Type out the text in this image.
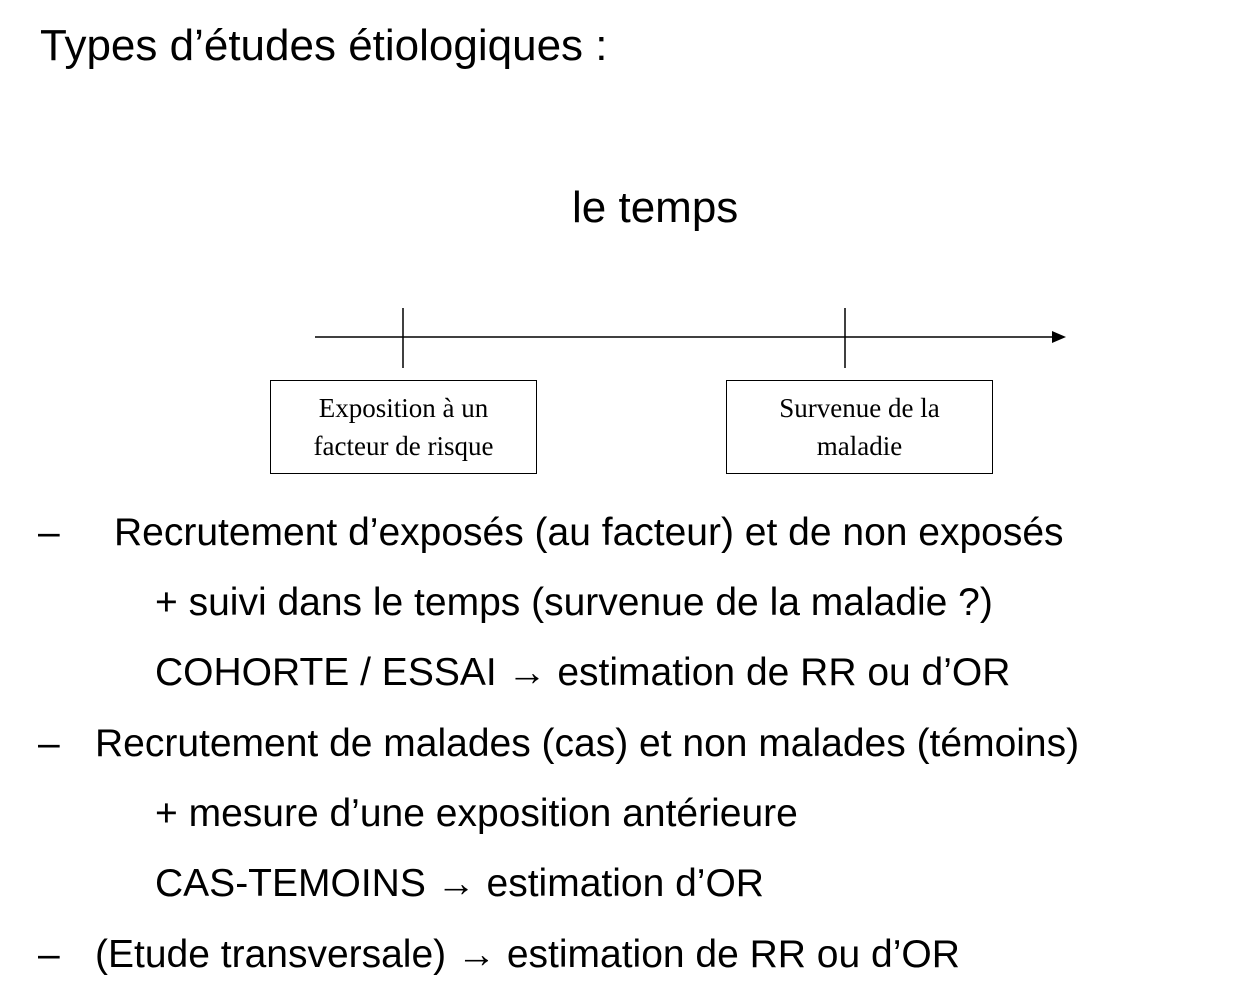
Types d’études étiologiques :
le temps
Exposition à un
facteur de risque
Survenue de la
maladie
– Recrutement d’exposés (au facteur) et de non exposés
+ suivi dans le temps (survenue de la maladie ?)
COHORTE / ESSAI → estimation de RR ou d’OR
– Recrutement de malades (cas) et non malades (témoins)
+ mesure d’une exposition antérieure
CAS-TEMOINS → estimation d’OR
– (Etude transversale) → estimation de RR ou d’OR
